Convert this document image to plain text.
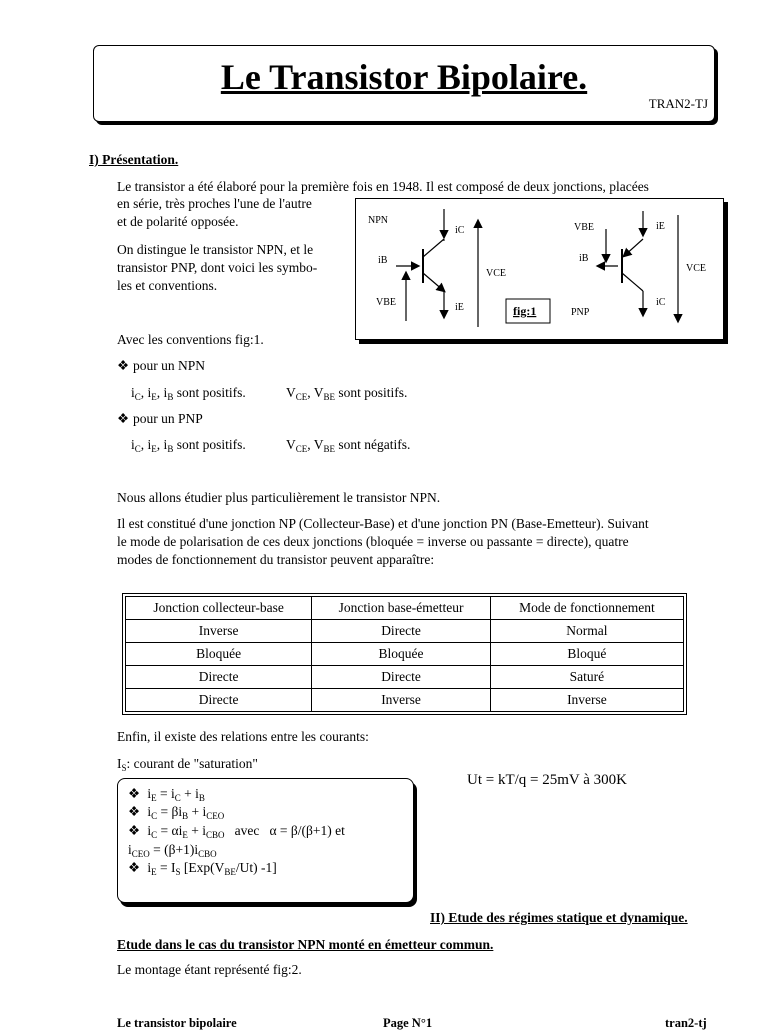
Le Transistor Bipolaire.
TRAN2-TJ
I) Présentation.
Le transistor a été élaboré pour la première fois en 1948. Il est composé de deux jonctions, placées
en série, très proches l'une de l'autre
et de polarité opposée.
On distingue le transistor NPN, et le
transistor PNP, dont voici les symbo-
les et conventions.
NPN
iC
iE
iB
VBE
VCE
fig:1	PNP
iE
iC
iB
VBE
VCE
Avec les conventions fig:1.
❖ pour un NPN
$i_C$, $i_E$, $i_B$ sont positifs.	$V_{CE}$, $V_{BE}$ sont positifs.
❖ pour un PNP
$i_C$, $i_E$, $i_B$ sont positifs.	$V_{CE}$, $V_{BE}$ sont négatifs.
Nous allons étudier plus particulièrement le transistor NPN.
Il est constitué d'une jonction NP (Collecteur-Base) et d'une jonction PN (Base-Emetteur). Suivant
le mode de polarisation de ces deux jonctions (bloquée = inverse ou passante = directe), quatre
modes de fonctionnement du transistor peuvent apparaître:
Jonction collecteur-base	Jonction base-émetteur	Mode de fonctionnement
Inverse	Directe	Normal
Bloquée	Bloquée	Bloqué
Directe	Directe	Saturé
Directe	Inverse	Inverse
Enfin, il existe des relations entre les courants:
$I_S$: courant de "saturation"
Ut = kT/q = 25mV à 300K
❖ $i_E = i_C + i_B$
❖ $i_C = \beta i_B + i_{CEO}$
❖ $i_C = \alpha i_E + i_{CBO}$ avec α = β/(β+1) et
$i_{CEO} = (\beta+1)i_{CBO}$
❖ $i_E = I_S$ [$Exp(V_{BE}/Ut)$ -1]
II) Etude des régimes statique et dynamique.
Etude dans le cas du transistor NPN monté en émetteur commun.
Le montage étant représenté fig:2.
Le transistor bipolaire	Page N°1	tran2-tj
